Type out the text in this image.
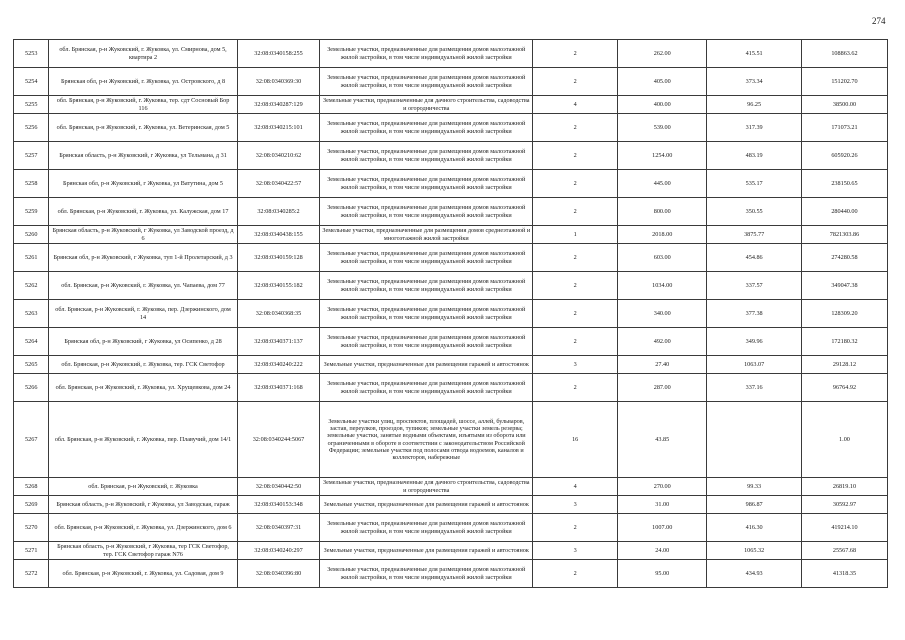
274
5253	обл. Брянская, р-н Жуковский, г. Жуковка, ул. Смирнова, дом 5, квартира 2	32:08:0340158:255	Земельные участки, предназначенные для размещения домов малоэтажной жилой застройки, в том числе индивидуальной жилой застройки	2	262.00	415.51	108863.62
5254	Брянская обл, р-н Жуковский, г. Жуковка, ул. Островского, д 8	32:08:0340369:30	Земельные участки, предназначенные для размещения домов малоэтажной жилой застройки, в том числе индивидуальной жилой застройки	2	405.00	373.34	151202.70
5255	обл. Брянская, р-н Жуковский, г. Жуковка, тер. сдт Сосновый Бор 116	32:08:0340287:129	Земельные участки, предназначенные для дачного строительства, садоводства и огородничества	4	400.00	96.25	38500.00
5256	обл. Брянская, р-н Жуковский, г. Жуковка, ул. Ветеринская, дом 5	32:08:0340215:101	Земельные участки, предназначенные для размещения домов малоэтажной жилой застройки, в том числе индивидуальной жилой застройки	2	539.00	317.39	171073.21
5257	Брянская область, р-н Жуковский, г Жуковка, ул Тельмана, д 31	32:08:0340210:62	Земельные участки, предназначенные для размещения домов малоэтажной жилой застройки, в том числе индивидуальной жилой застройки	2	1254.00	483.19	605920.26
5258	Брянская обл, р-н Жуковский, г Жуковка, ул Ватутина, дом 5	32:08:0340422:57	Земельные участки, предназначенные для размещения домов малоэтажной жилой застройки, в том числе индивидуальной жилой застройки	2	445.00	535.17	238150.65
5259	обл. Брянская, р-н Жуковский, г. Жуковка, ул. Калужская, дом 17	32:08:0340285:2	Земельные участки, предназначенные для размещения домов малоэтажной жилой застройки, в том числе индивидуальной жилой застройки	2	800.00	350.55	280440.00
5260	Брянская область, р-н Жуковский, г Жуковка, ул Заводской проезд, д 6	32:08:0340438:155	Земельные участки, предназначенные для размещения домов среднеэтажной и многоэтажной жилой застройки	1	2018.00	3875.77	7821303.86
5261	Брянская обл, р-н Жуковский, г Жуковка, туп 1-й Пролетарский, д 3	32:08:0340159:128	Земельные участки, предназначенные для размещения домов малоэтажной жилой застройки, в том числе индивидуальной жилой застройки	2	603.00	454.86	274280.58
5262	обл. Брянская, р-н Жуковский, г. Жуковка, ул. Чапаева, дом 77	32:08:0340155:182	Земельные участки, предназначенные для размещения домов малоэтажной жилой застройки, в том числе индивидуальной жилой застройки	2	1034.00	337.57	349047.38
5263	обл. Брянская, р-н Жуковский, г. Жуковка, пер. Дзержинского, дом 14	32:08:0340368:35	Земельные участки, предназначенные для размещения домов малоэтажной жилой застройки, в том числе индивидуальной жилой застройки	2	340.00	377.38	128309.20
5264	Брянская обл, р-н Жуковский, г Жуковка, ул Осипенко, д 28	32:08:0340371:137	Земельные участки, предназначенные для размещения домов малоэтажной жилой застройки, в том числе индивидуальной жилой застройки	2	492.00	349.96	172180.32
5265	обл. Брянская, р-н Жуковский, г. Жуковка, тер. ГСК Светофор	32:08:0340240:222	Земельные участки, предназначенные для размещения гаражей и автостоянок	3	27.40	1063.07	29128.12
5266	обл. Брянская, р-н Жуковский, г. Жуковка, ул. Хрущевкова, дом 24	32:08:0340371:168	Земельные участки, предназначенные для размещения домов малоэтажной жилой застройки, в том числе индивидуальной жилой застройки	2	287.00	337.16	96764.92
5267	обл. Брянская, р-н Жуковский, г. Жуковка, пер. Плавучий, дом 14/1	32:08:0340244:5067	Земельные участки улиц, проспектов, площадей, шоссе, аллей, бульваров, застав, переулков, проездов, тупиков; земельные участки земель резерва; земельные участки, занятые водными объектами, изъятыми из оборота или ограниченными в обороте в соответствии с законодательством Российской Федерации; земельные участки под полосами отвода водоемов, каналов и коллекторов, набережные	16	43.85		1.00
5268	обл. Брянская, р-н Жуковский, г. Жуковка	32:08:0340442:50	Земельные участки, предназначенные для дачного строительства, садоводства и огородничества	4	270.00	99.33	26819.10
5269	Брянская область, р-н Жуковский, г Жуковка, ул Заводская, гараж	32:08:0340153:348	Земельные участки, предназначенные для размещения гаражей и автостоянок	3	31.00	986.87	30592.97
5270	обл. Брянская, р-н Жуковский, г. Жуковка, ул. Дзержинского, дом 6	32:08:0340397:31	Земельные участки, предназначенные для размещения домов малоэтажной жилой застройки, в том числе индивидуальной жилой застройки	2	1007.00	416.30	419214.10
5271	Брянская область, р-н Жуковский, г Жуковка, тер ГСК Светофор, тер. ГСК Светофор гараж N76	32:08:0340240:297	Земельные участки, предназначенные для размещения гаражей и автостоянок	3	24.00	1065.32	25567.68
5272	обл. Брянская, р-н Жуковский, г. Жуковка, ул. Садовая, дом 9	32:08:0340396:80	Земельные участки, предназначенные для размещения домов малоэтажной жилой застройки, в том числе индивидуальной жилой застройки	2	95.00	434.93	41318.35
